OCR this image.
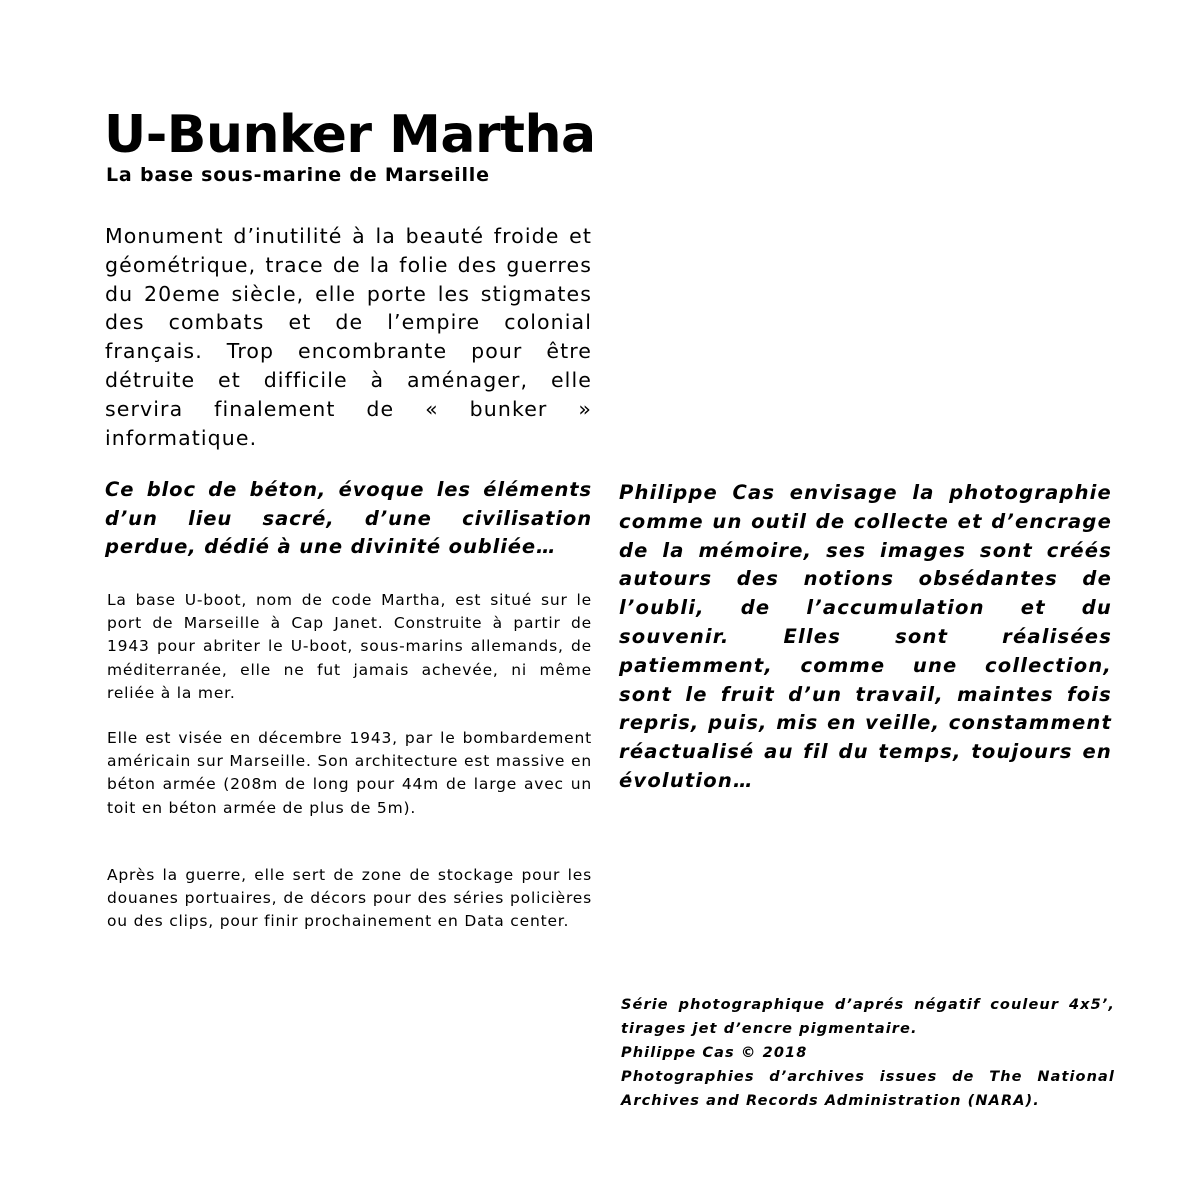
U-Bunker Martha

La base sous-marine de Marseille

Monument d’inutilité à la beauté froide et géométrique, trace de la folie des guerres du 20eme siècle, elle porte les stigmates des combats et de l’empire colonial français. Trop encombrante pour être détruite et difficile à aménager, elle servira finalement de « bunker » informatique.

Ce bloc de béton, évoque les éléments d’un lieu sacré, d’une civilisation perdue, dédié à une divinité oubliée…

La base U-boot, nom de code Martha, est situé sur le port de Marseille à Cap Janet. Construite à partir de 1943 pour abriter le U-boot, sous-marins allemands, de méditerranée, elle ne fut jamais achevée, ni même reliée à la mer.

Elle est visée en décembre 1943, par le bombardement américain sur Marseille. Son architecture est massive en béton armée (208m de long pour 44m de large avec un toit en béton armée de plus de 5m).

Après la guerre, elle sert de zone de stockage pour les douanes portuaires, de décors pour des séries policières ou des clips, pour finir prochainement en Data center.

Philippe Cas envisage la photographie comme un outil de collecte et d’encrage de la mémoire, ses images sont créés autours des notions obsédantes de l’oubli, de l’accumulation et du souvenir. Elles sont réalisées patiemment, comme une collection, sont le fruit d’un travail, maintes fois repris, puis, mis en veille, constamment réactualisé au fil du temps, toujours en évolution…

Série photographique d’aprés négatif couleur 4x5’, tirages jet d’encre pigmentaire.
Philippe Cas © 2018
Photographies d’archives issues de The National Archives and Records Administration (NARA).
